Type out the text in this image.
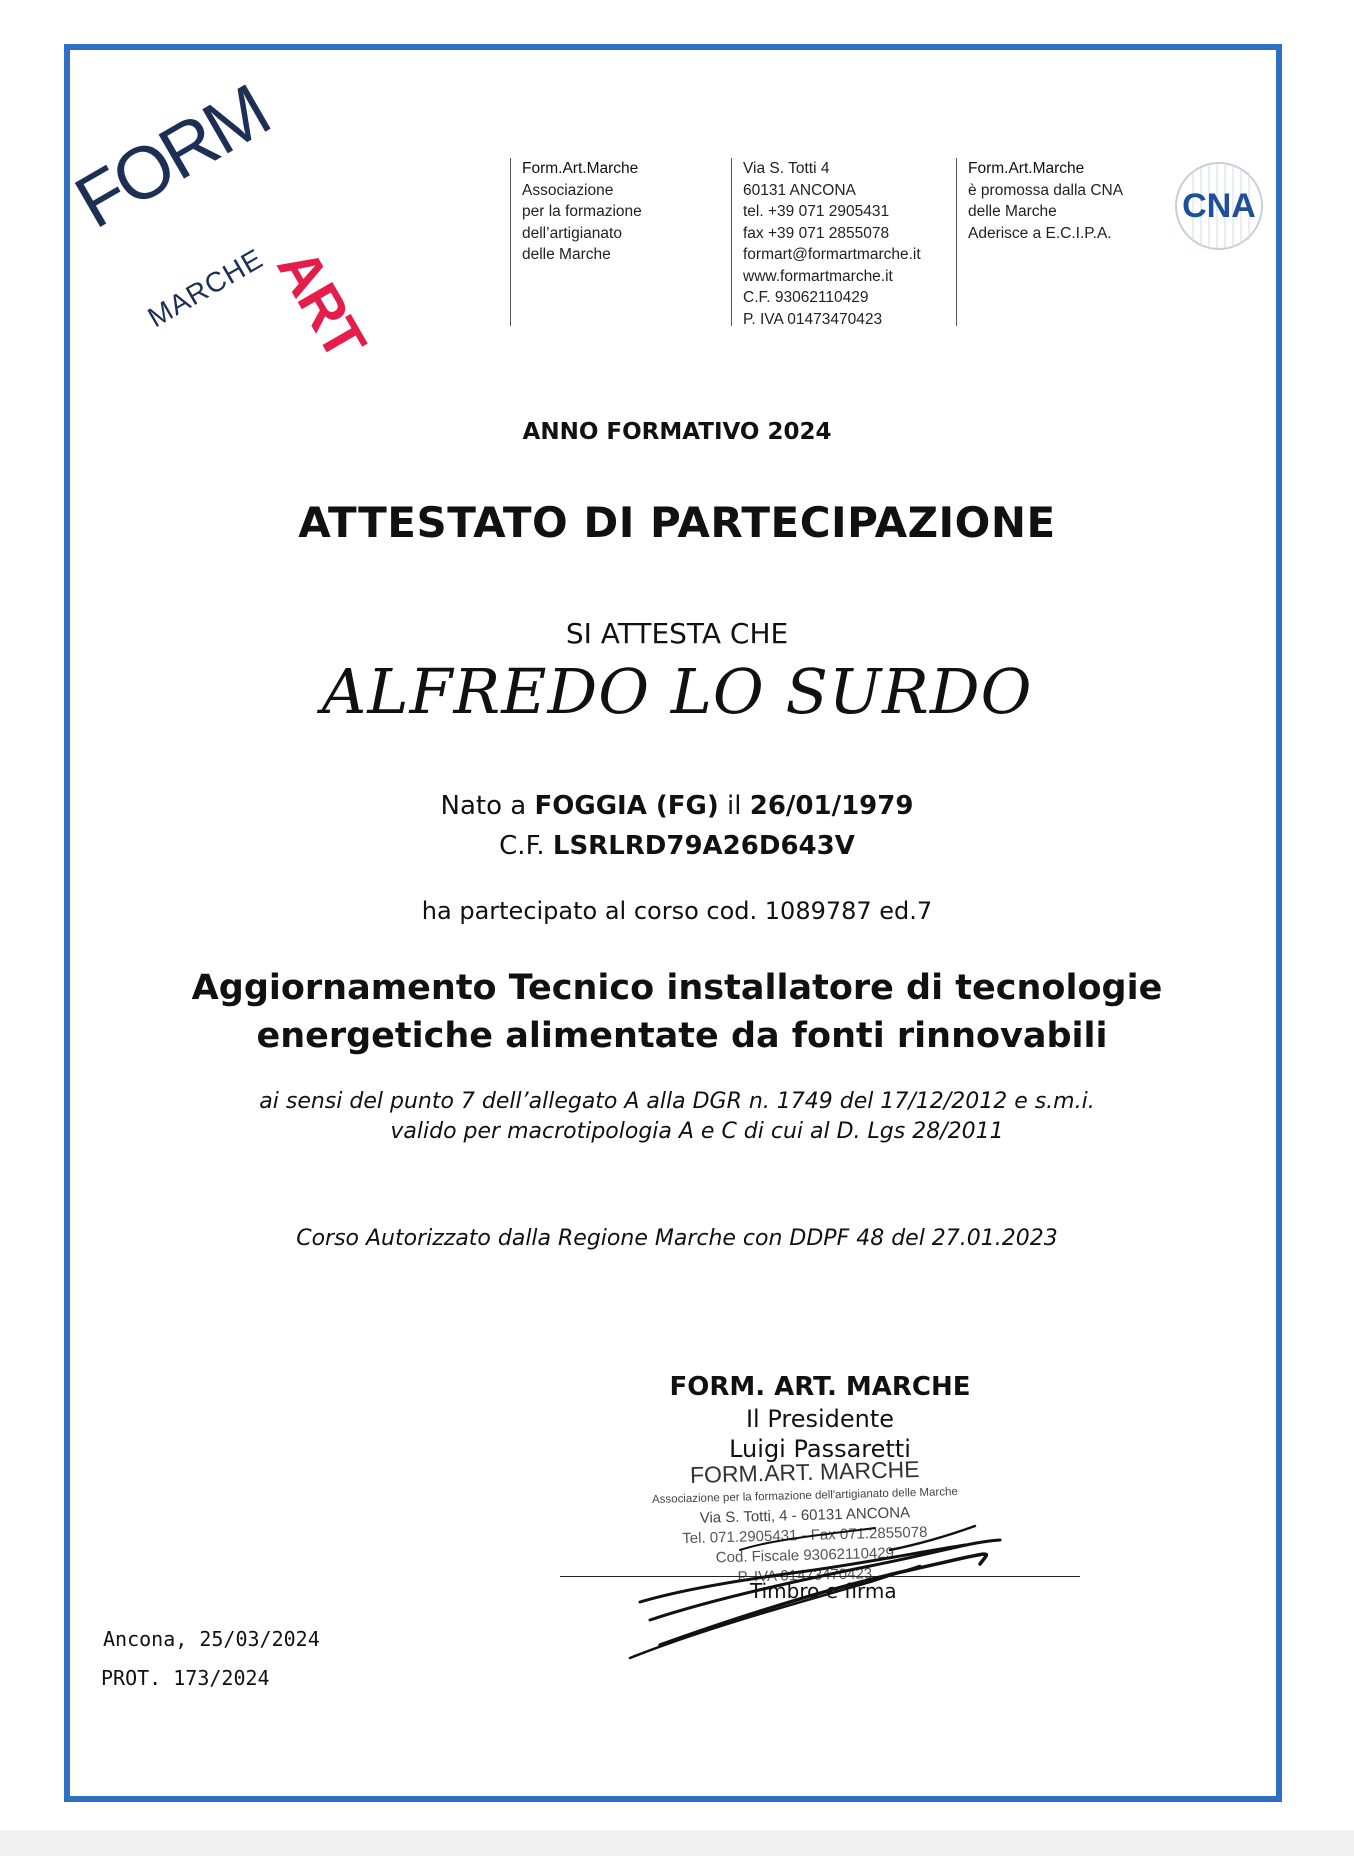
FORM
ART
MARCHE
Form.Art.Marche
Associazione
per la formazione
dell’artigianato
delle Marche
Via S. Totti 4
60131 ANCONA
tel. +39 071 2905431
fax +39 071 2855078
formart@formartmarche.it
www.formartmarche.it
C.F. 93062110429
P. IVA 01473470423
Form.Art.Marche
è promossa dalla CNA
delle Marche
Aderisce a E.C.I.P.A.
CNA
ANNO FORMATIVO 2024
ATTESTATO DI PARTECIPAZIONE
SI ATTESTA CHE
ALFREDO LO SURDO
Nato a FOGGIA (FG) il 26/01/1979
C.F. LSRLRD79A26D643V
ha partecipato al corso cod. 1089787 ed.7
Aggiornamento Tecnico installatore di tecnologie
energetiche alimentate da fonti rinnovabili
ai sensi del punto 7 dell’allegato A alla DGR n. 1749 del 17/12/2012 e s.m.i.
valido per macrotipologia A e C di cui al D. Lgs 28/2011
Corso Autorizzato dalla Regione Marche con DDPF 48 del 27.01.2023
FORM. ART. MARCHE
Il Presidente
Luigi Passaretti
FORM.ART. MARCHE
Associazione per la formazione dell'artigianato delle Marche
Via S. Totti, 4 - 60131 ANCONA
Tel. 071.2905431 - Fax 071.2855078
Cod. Fiscale 93062110429
P. IVA 01473470423
Timbro e firma
Ancona, 25/03/2024
PROT. 173/2024
